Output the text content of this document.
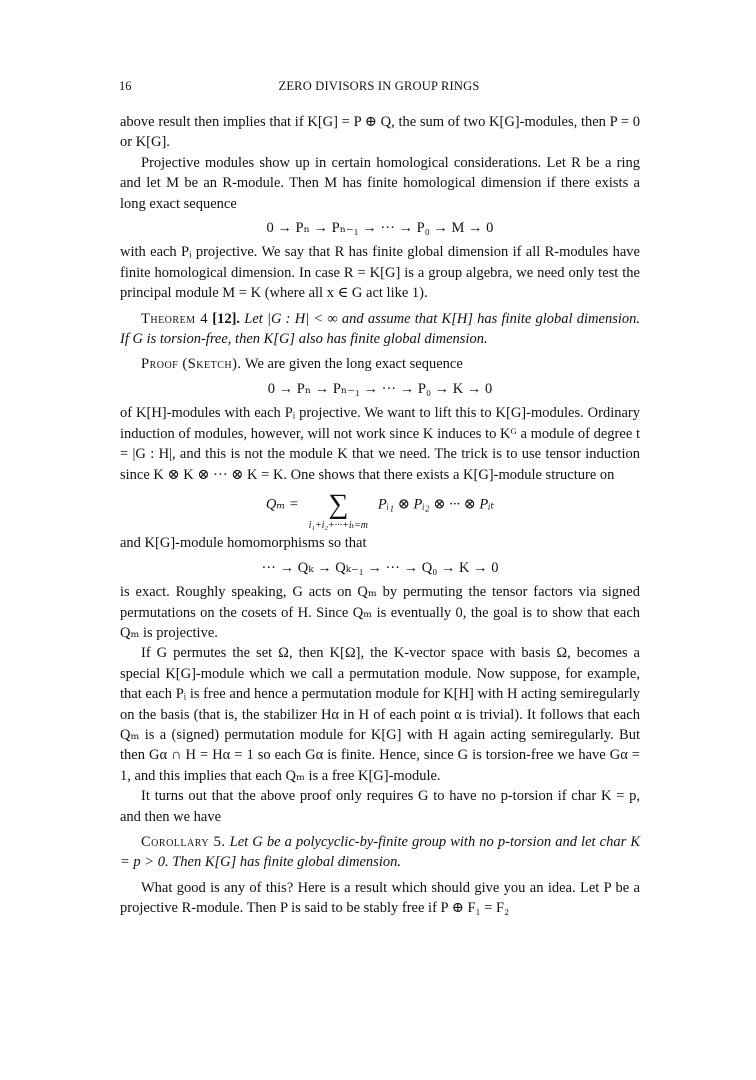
16	ZERO DIVISORS IN GROUP RINGS

above result then implies that if K[G] = P ⊕ Q, the sum of two K[G]-modules, then P = 0 or K[G].

Projective modules show up in certain homological considerations. Let R be a ring and let M be an R-module. Then M has finite homological dimension if there exists a long exact sequence

0 → Pₙ → Pₙ₋₁ → ··· → P₀ → M → 0

with each Pᵢ projective. We say that R has finite global dimension if all R-modules have finite homological dimension. In case R = K[G] is a group algebra, we need only test the principal module M = K (where all x ∈ G act like 1).

Theorem 4 [12]. Let |G : H| < ∞ and assume that K[H] has finite global dimension. If G is torsion-free, then K[G] also has finite global dimension.

Proof (Sketch). We are given the long exact sequence

0 → Pₙ → Pₙ₋₁ → ··· → P₀ → K → 0

of K[H]-modules with each Pᵢ projective. We want to lift this to K[G]-modules. Ordinary induction of modules, however, will not work since K induces to Kᴳ a module of degree t = |G : H|, and this is not the module K that we need. The trick is to use tensor induction since K ⊗ K ⊗ ··· ⊗ K = K. One shows that there exists a K[G]-module structure on

Qₘ = ∑
i₁+i₂+···+iₜ=m
Pᵢ₁ ⊗ Pᵢ₂ ⊗ ··· ⊗ Pᵢₜ

and K[G]-module homomorphisms so that

··· → Qₖ → Qₖ₋₁ → ··· → Q₀ → K → 0

is exact. Roughly speaking, G acts on Qₘ by permuting the tensor factors via signed permutations on the cosets of H. Since Qₘ is eventually 0, the goal is to show that each Qₘ is projective.

If G permutes the set Ω, then K[Ω], the K-vector space with basis Ω, becomes a special K[G]-module which we call a permutation module. Now suppose, for example, that each Pᵢ is free and hence a permutation module for K[H] with H acting semiregularly on the basis (that is, the stabilizer Hα in H of each point α is trivial). It follows that each Qₘ is a (signed) permutation module for K[G] with H again acting semiregularly. But then Gα ∩ H = Hα = 1 so each Gα is finite. Hence, since G is torsion-free we have Gα = 1, and this implies that each Qₘ is a free K[G]-module.

It turns out that the above proof only requires G to have no p-torsion if char K = p, and then we have

Corollary 5. Let G be a polycyclic-by-finite group with no p-torsion and let char K = p > 0. Then K[G] has finite global dimension.

What good is any of this? Here is a result which should give you an idea. Let P be a projective R-module. Then P is said to be stably free if P ⊕ F₁ = F₂
